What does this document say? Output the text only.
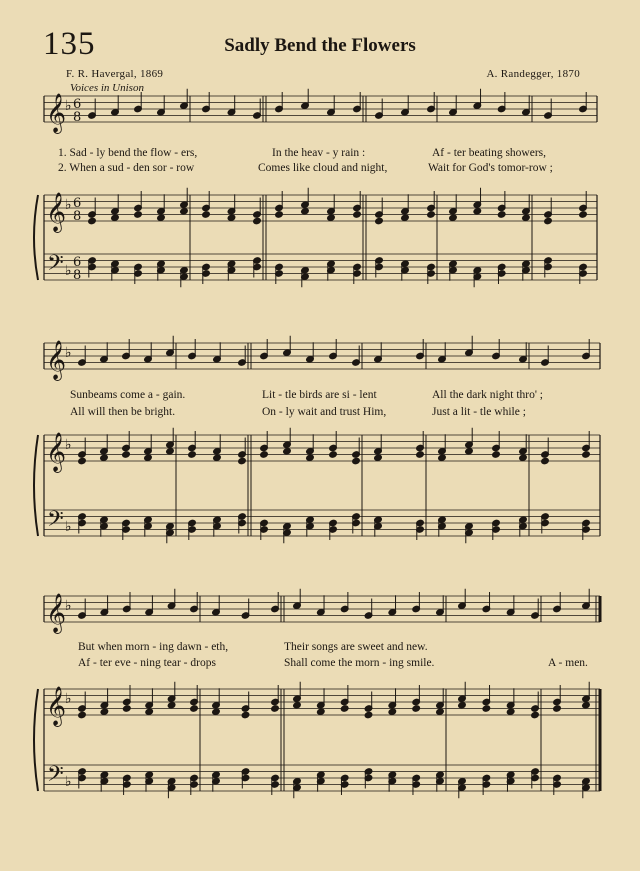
135	Sadly Bend the Flowers
F. R. Havergal, 1869	A. Randegger, 1870
Voices in Unison
1. Sad - ly bend the flow - ers,	In the heav - y rain :	Af - ter beating showers,
2. When a sud - den sor - row	Comes like cloud and night,	Wait for God's tomor-row ;
Sunbeams come a - gain.	Lit - tle birds are si - lent	All the dark night thro' ;
All will then be bright.	On - ly wait and trust Him,	Just a lit - tle while ;
But when morn - ing dawn - eth,	Their songs are sweet and new.
Af - ter eve - ning tear - drops	Shall come the morn - ing smile.	A - men.
𝄞
𝄞
𝄢
♭
♭
♭
6
8
6
8
6
8
𝄞
𝄞
𝄢
♭
♭
♭
𝄞
𝄞
𝄢
♭
♭
♭
